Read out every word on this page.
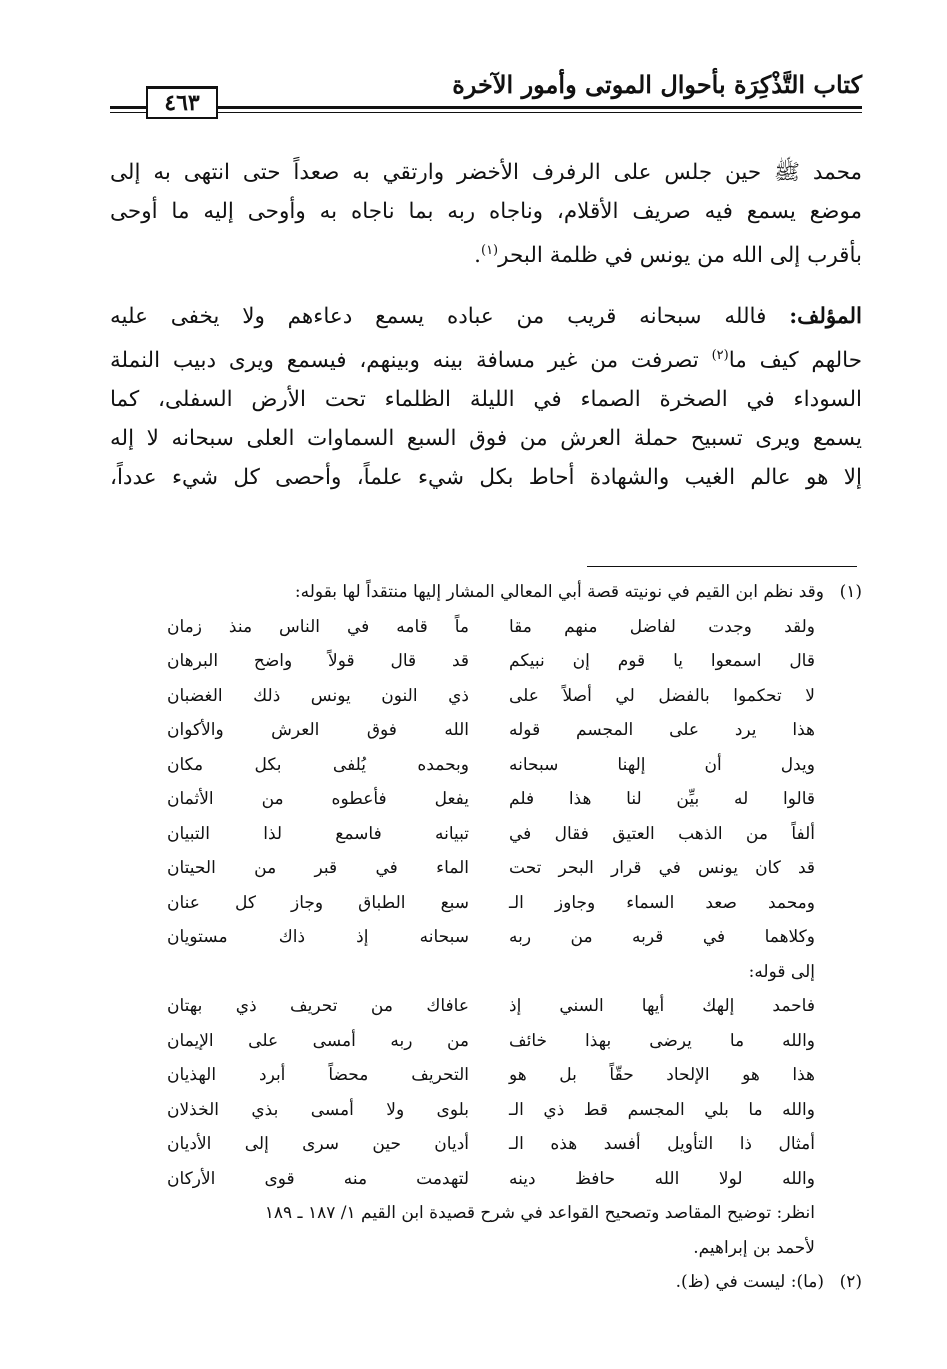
كتاب التَّذْكِرَة بأحوال الموتى وأمور الآخرة
٤٦٣

محمد ﷺ حين جلس على الرفرف الأخضر وارتقي به صعداً حتى انتهى به إلى
موضع يسمع فيه صريف الأقلام، وناجاه ربه بما ناجاه به وأوحى إليه ما أوحى

بأقرب إلى الله من يونس في ظلمة البحر$^{(١)}$.

المؤلف: فالله سبحانه قريب من عباده يسمع دعاءهم ولا يخفى عليه
حالهم كيف ما$^{(٢)}$ تصرفت من غير مسافة بينه وبينهم، فيسمع ويرى دبيب النملة
السوداء في الصخرة الصماء في الليلة الظلماء تحت الأرض السفلى، كما
يسمع ويرى تسبيح حملة العرش من فوق السبع السماوات العلى سبحانه لا إله
إلا هو عالم الغيب والشهادة أحاط بكل شيء علماً، وأحصى كل شيء عدداً،

(١)وقد نظم ابن القيم في نونيته قصة أبي المعالي المشار إليها منتقداً لها بقوله:
ولقد وجدت لفاضل منهم مقا
ماً قامه في الناس منذ زمان
قال اسمعوا يا قوم إن نبيكم
قد قال قولاً واضح البرهان
لا تحكموا بالفضل لي أصلاً على
ذي النون يونس ذلك الغضبان
هذا يرد على المجسم قوله
الله فوق العرش والأكوان
ويدل أن إلهنا سبحانه
وبحمده يُلفى بكل مكان
قالوا له بيِّن لنا هذا فلم
يفعل فأعطوه من الأثمان
ألفاً من الذهب العتيق فقال في
تبيانه فاسمع لذا التبيان
قد كان يونس في قرار البحر تحت
الماء في قبر من الحيتان
ومحمد صعد السماء وجاوز الـ
سبع الطباق وجاز كل عنان
وكلاهما في قربه من ربه
سبحانه إذ ذاك مستويان
إلى قوله:
فاحمد إلهك أيها السني إذ
عافاك من تحريف ذي بهتان
والله ما يرضى بهذا خائف
من ربه أمسى على الإيمان
هذا هو الإلحاد حقّاً بل هو
التحريف محضاً أبرد الهذيان
والله ما بلي المجسم قط ذي الـ
بلوى ولا أمسى بذي الخذلان
أمثال ذا التأويل أفسد هذه الـ
أديان حين سرى إلى الأديان
والله لولا الله حافظ دينه
لتهدمت منه قوى الأركان
انظر: توضيح المقاصد وتصحيح القواعد في شرح قصيدة ابن القيم ١/ ١٨٧ ـ ١٨٩
لأحمد بن إبراهيم.
(٢)(ما): ليست في (ظ).
